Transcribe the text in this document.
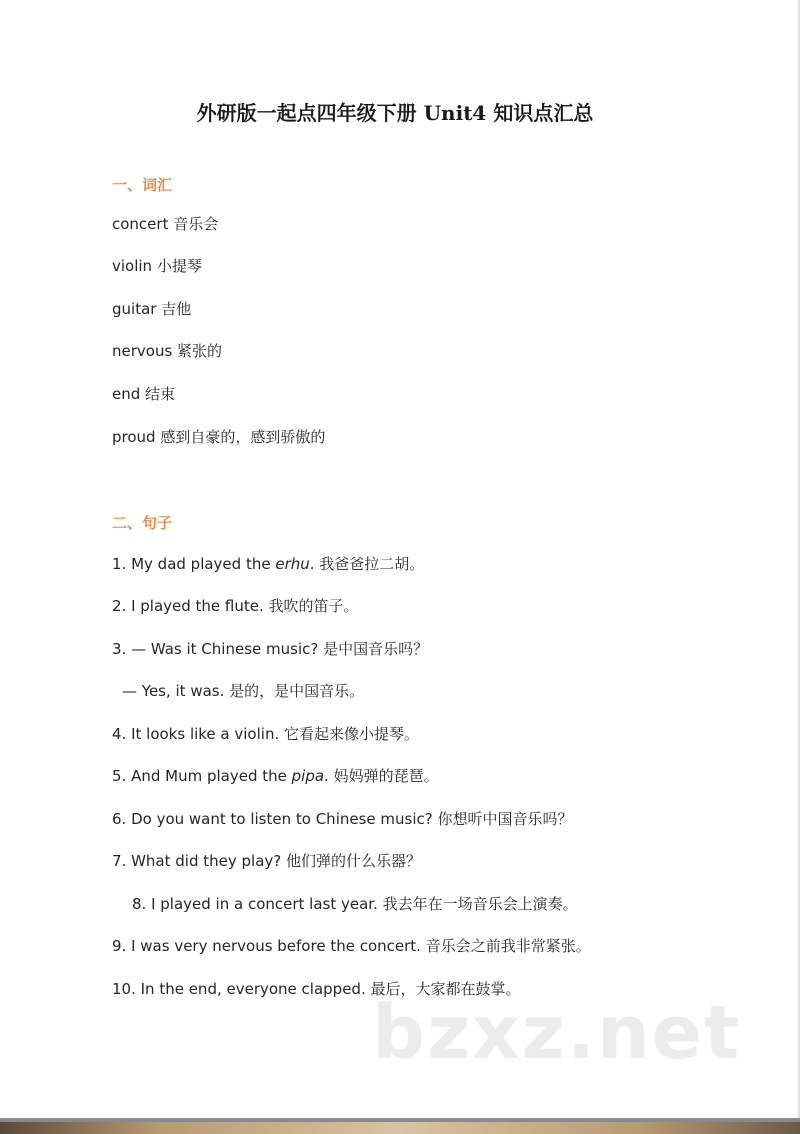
外研版一起点四年级下册 Unit4 知识点汇总
一、词汇

concert 音乐会

violin 小提琴

guitar 吉他

nervous 紧张的

end 结束

proud 感到自豪的，感到骄傲的

二、句子

1. My dad played the erhu. 我爸爸拉二胡。

2. I played the flute. 我吹的笛子。

3. — Was it Chinese music? 是中国音乐吗？

— Yes, it was. 是的，是中国音乐。

4. It looks like a violin. 它看起来像小提琴。

5. And Mum played the pipa. 妈妈弹的琵琶。

6. Do you want to listen to Chinese music? 你想听中国音乐吗？

7. What did they play? 他们弹的什么乐器？

8. I played in a concert last year. 我去年在一场音乐会上演奏。

9. I was very nervous before the concert. 音乐会之前我非常紧张。

10. In the end, everyone clapped. 最后，大家都在鼓掌。

bzxz.net
